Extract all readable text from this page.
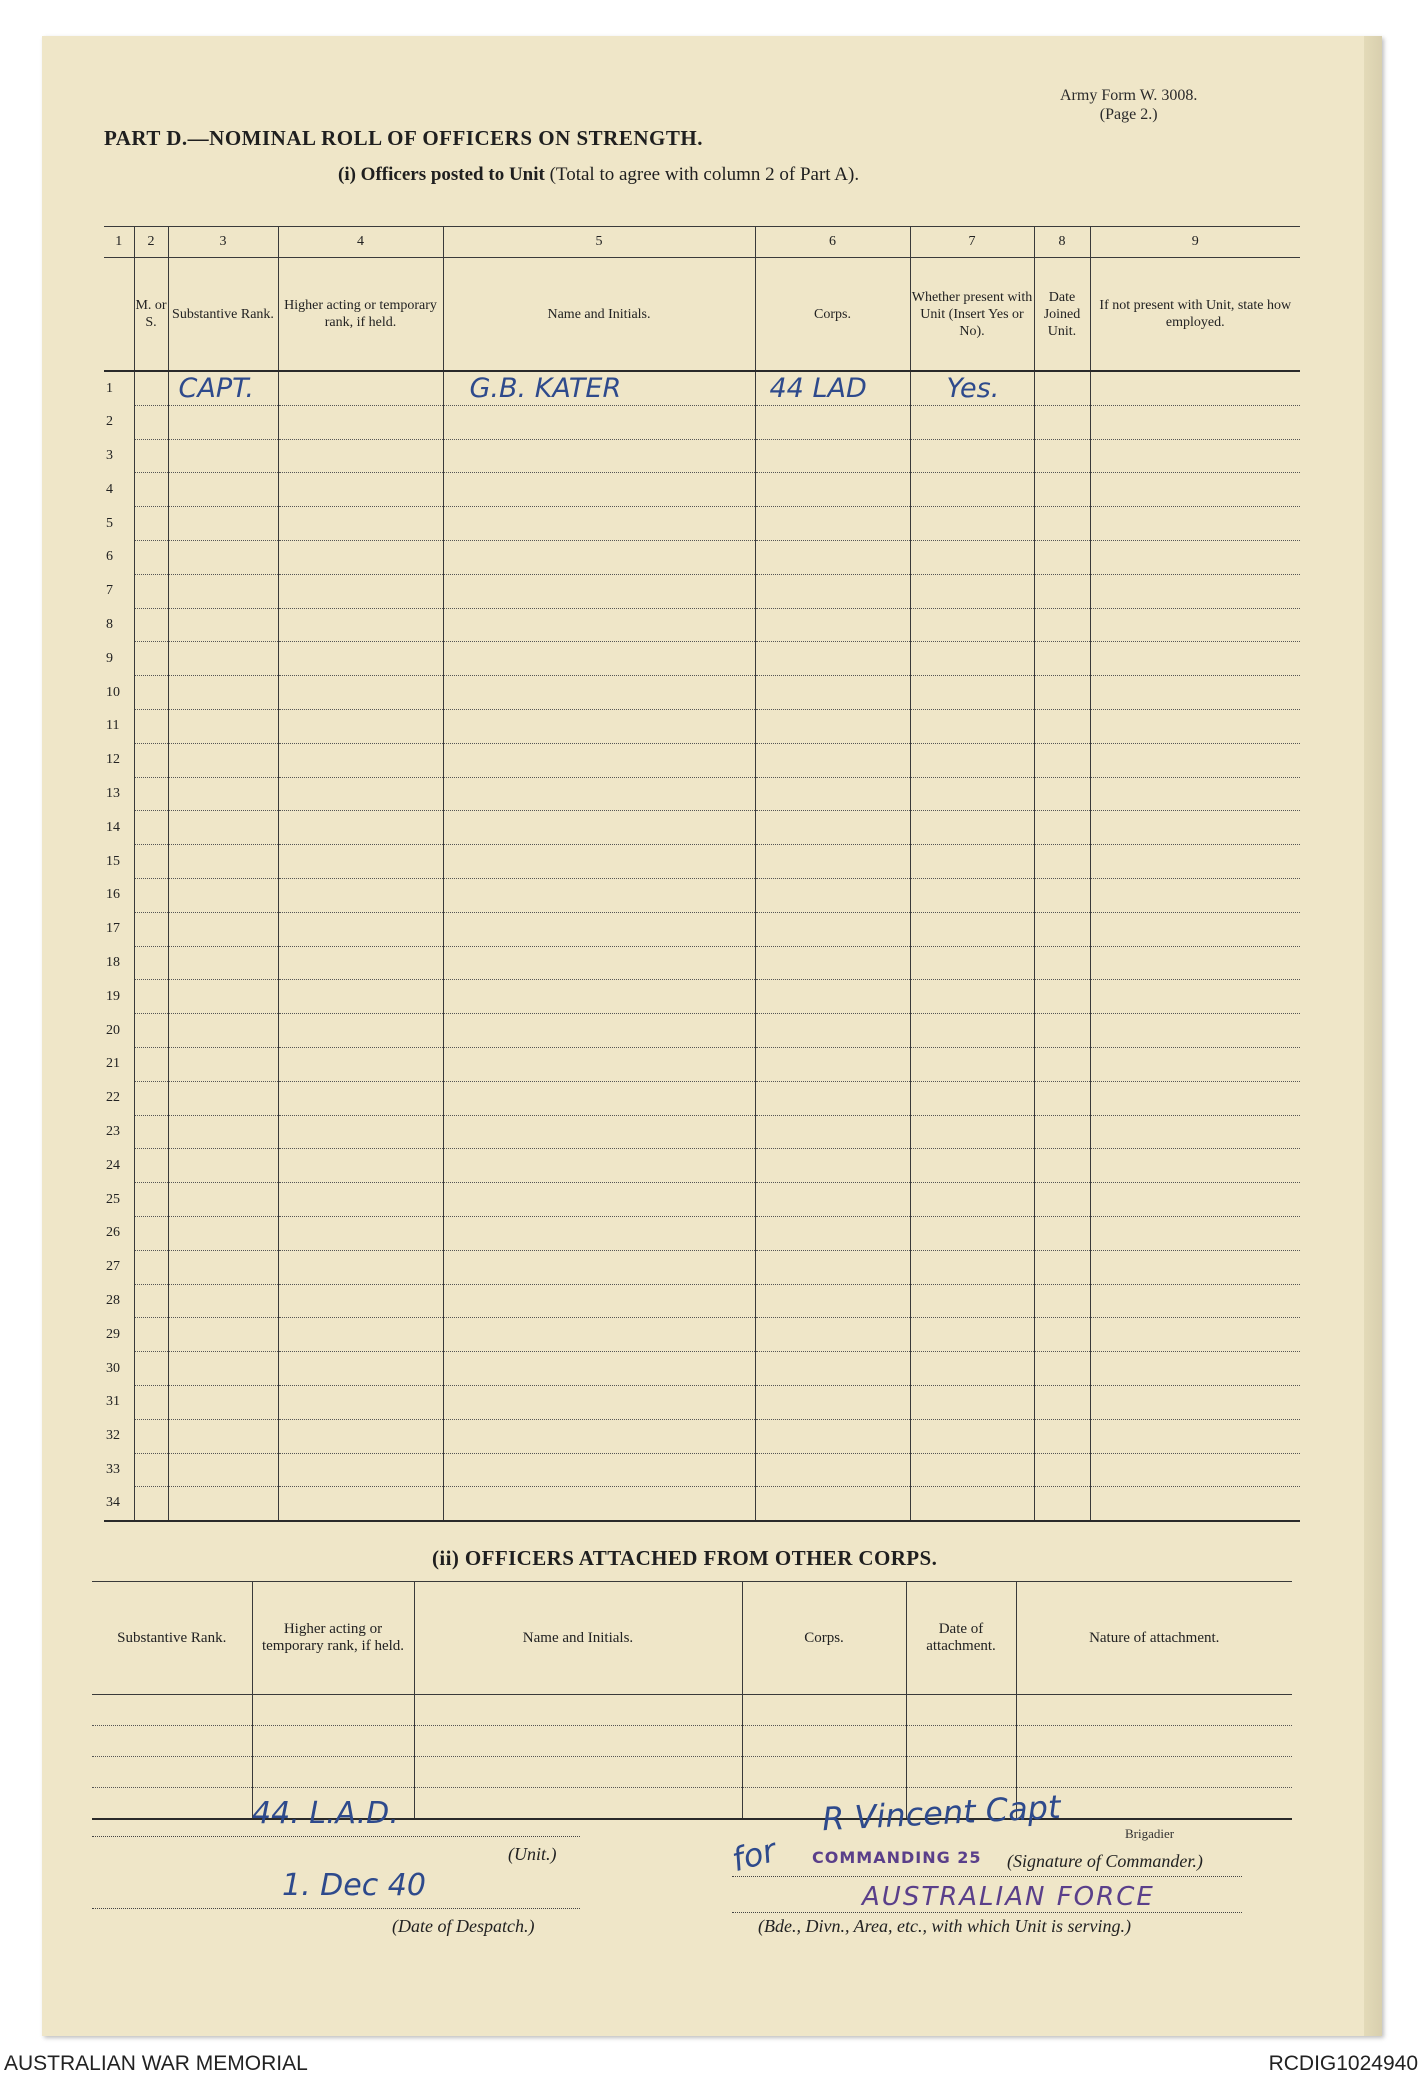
Army Form W. 3008.
(Page 2.)
PART D.—NOMINAL ROLL OF OFFICERS ON STRENGTH.
(i) Officers posted to Unit (Total to agree with column 2 of Part A).
1	2	3	4	5	6	7	8	9
	M. or S.	Substantive Rank.	Higher acting or temporary rank, if held.	Name and Initials.	Corps.	Whether present with Unit (Insert Yes or No).	Date Joined Unit.	If not present with Unit, state how employed.
1		CAPT.		G.B. KATER	44 LAD	Yes.		
2								
3								
4								
5								
6								
7								
8								
9								
10								
11								
12								
13								
14								
15								
16								
17								
18								
19								
20								
21								
22								
23								
24								
25								
26								
27								
28								
29								
30								
31								
32								
33								
34								
(ii) OFFICERS ATTACHED FROM OTHER CORPS.
Substantive Rank.	Higher acting or temporary rank, if held.	Name and Initials.	Corps.	Date of attachment.	Nature of attachment.

44. L.A.D.
(Unit.)
1. Dec 40
(Date of Despatch.)
for
R Vincent Capt	Brigadier
COMMANDING 25 (Signature of Commander.)
AUSTRALIAN FORCE
(Bde., Divn., Area, etc., with which Unit is serving.)
AUSTRALIAN WAR MEMORIAL	RCDIG1024940
